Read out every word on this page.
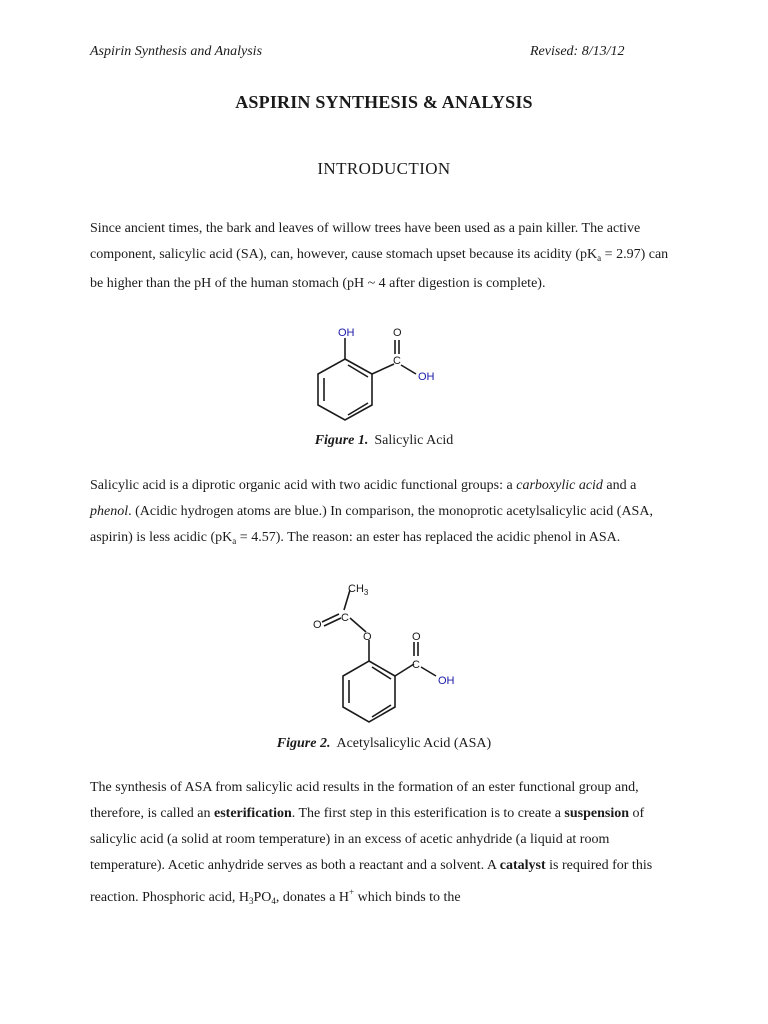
Aspirin Synthesis and Analysis	Revised: 8/13/12
ASPIRIN SYNTHESIS & ANALYSIS
INTRODUCTION
Since ancient times, the bark and leaves of willow trees have been used as a pain killer. The active component, salicylic acid (SA), can, however, cause stomach upset because its acidity $(pK_a = 2.97)$ can be higher than the pH of the human stomach (pH ~ 4 after digestion is complete).
OH	O
C
OH
Figure 1. Salicylic Acid
Salicylic acid is a diprotic organic acid with two acidic functional groups: a carboxylic acid and a phenol. (Acidic hydrogen atoms are blue.) In comparison, the monoprotic acetylsalicylic acid (ASA, aspirin) is less acidic $(pK_a = 4.57)$. The reason: an ester has replaced the acidic phenol in ASA.
$CH_3$
O
C
O	O
C
OH
Figure 2. Acetylsalicylic Acid (ASA)
The synthesis of ASA from salicylic acid results in the formation of an ester functional group and, therefore, is called an esterification. The first step in this esterification is to create a suspension of salicylic acid (a solid at room temperature) in an excess of acetic anhydride (a liquid at room temperature). Acetic anhydride serves as both a reactant and a solvent. A catalyst is required for this reaction. Phosphoric acid, $H_3PO_4$, donates a H+ which binds to the
